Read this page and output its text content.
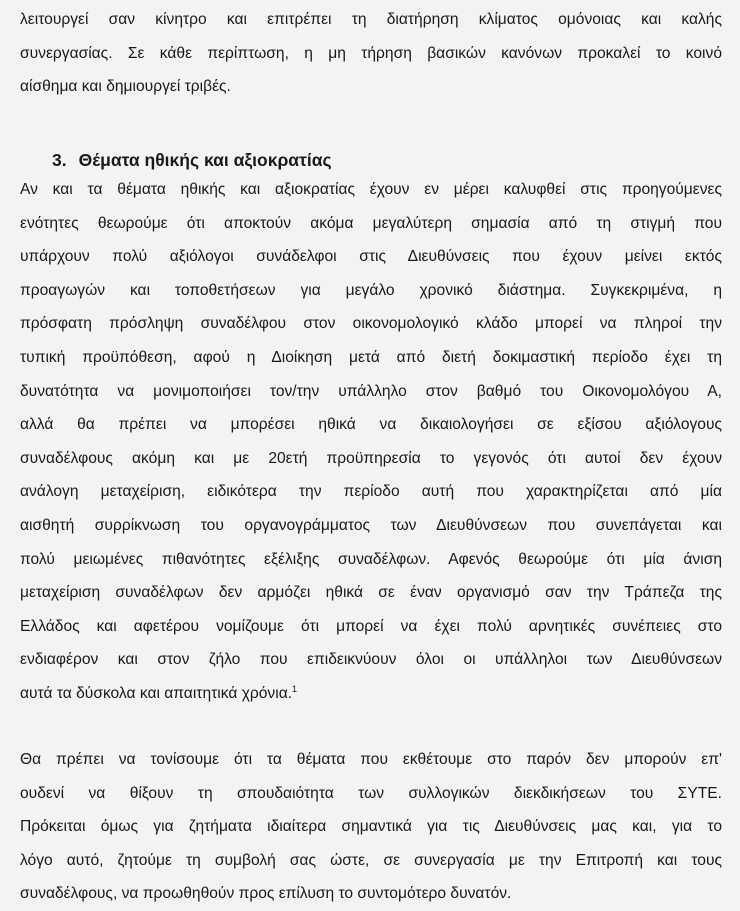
λειτουργεί σαν κίνητρο και επιτρέπει τη διατήρηση κλίματος ομόνοιας και καλής
συνεργασίας. Σε κάθε περίπτωση, η μη τήρηση βασικών κανόνων προκαλεί το κοινό
αίσθημα και δημιουργεί τριβές.
3. Θέματα ηθικής και αξιοκρατίας
Αν και τα θέματα ηθικής και αξιοκρατίας έχουν εν μέρει καλυφθεί στις προηγούμενες
ενότητες θεωρούμε ότι αποκτούν ακόμα μεγαλύτερη σημασία από τη στιγμή που
υπάρχουν πολύ αξιόλογοι συνάδελφοι στις Διευθύνσεις που έχουν μείνει εκτός
προαγωγών και τοποθετήσεων για μεγάλο χρονικό διάστημα. Συγκεκριμένα, η
πρόσφατη πρόσληψη συναδέλφου στον οικονομολογικό κλάδο μπορεί να πληροί την
τυπική προϋπόθεση, αφού η Διοίκηση μετά από διετή δοκιμαστική περίοδο έχει τη
δυνατότητα να μονιμοποιήσει τον/την υπάλληλο στον βαθμό του Οικονομολόγου Α,
αλλά θα πρέπει να μπορέσει ηθικά να δικαιολογήσει σε εξίσου αξιόλογους
συναδέλφους ακόμη και με 20ετή προϋπηρεσία το γεγονός ότι αυτοί δεν έχουν
ανάλογη μεταχείριση, ειδικότερα την περίοδο αυτή που χαρακτηρίζεται από μία
αισθητή συρρίκνωση του οργανογράμματος των Διευθύνσεων που συνεπάγεται και
πολύ μειωμένες πιθανότητες εξέλιξης συναδέλφων. Αφενός θεωρούμε ότι μία άνιση
μεταχείριση συναδέλφων δεν αρμόζει ηθικά σε έναν οργανισμό σαν την Τράπεζα της
Ελλάδος και αφετέρου νομίζουμε ότι μπορεί να έχει πολύ αρνητικές συνέπειες στο
ενδιαφέρον και στον ζήλο που επιδεικνύουν όλοι οι υπάλληλοι των Διευθύνσεων
αυτά τα δύσκολα και απαιτητικά χρόνια.$^1$
Θα πρέπει να τονίσουμε ότι τα θέματα που εκθέτουμε στο παρόν δεν μπορούν επ'
ουδενί να θίξουν τη σπουδαιότητα των συλλογικών διεκδικήσεων του ΣΥΤΕ.
Πρόκειται όμως για ζητήματα ιδιαίτερα σημαντικά για τις Διευθύνσεις μας και, για το
λόγο αυτό, ζητούμε τη συμβολή σας ώστε, σε συνεργασία με την Επιτροπή και τους
συναδέλφους, να προωθηθούν προς επίλυση το συντομότερο δυνατόν.
